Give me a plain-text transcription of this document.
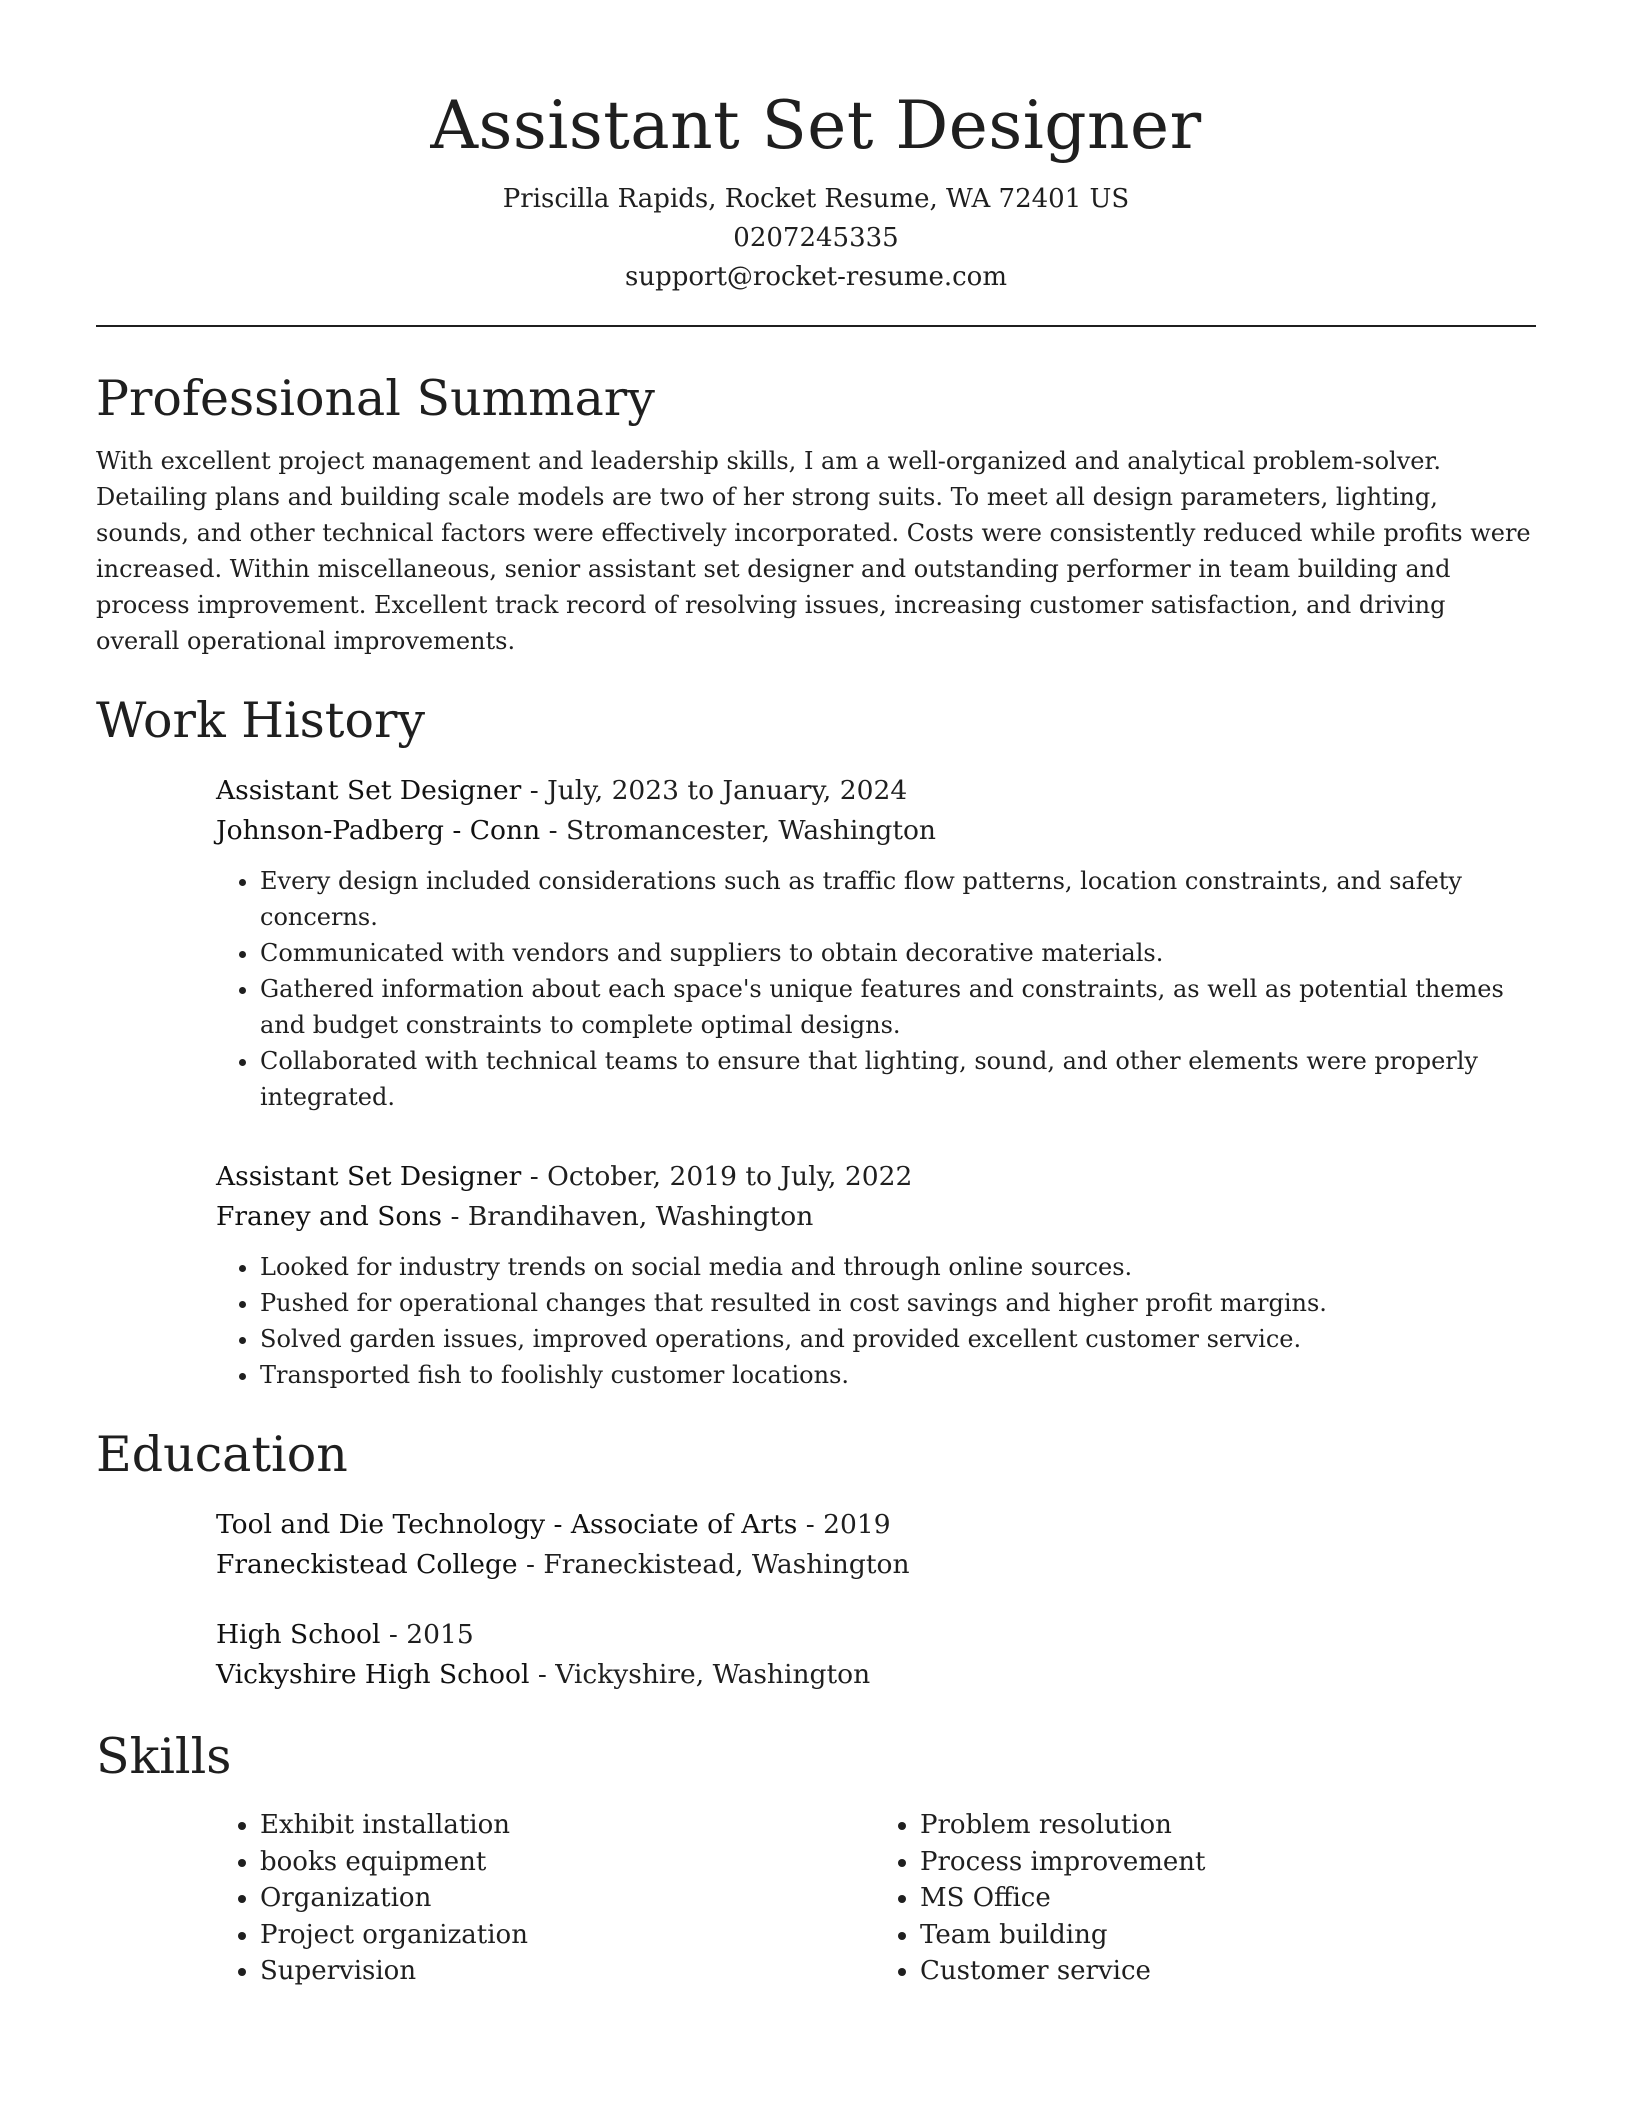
Assistant Set Designer
Priscilla Rapids, Rocket Resume, WA 72401 US
0207245335
support@rocket-resume.com
Professional Summary

With excellent project management and leadership skills, I am a well-organized and analytical problem-solver. Detailing plans and building scale models are two of her strong suits. To meet all design parameters, lighting, sounds, and other technical factors were effectively incorporated. Costs were consistently reduced while profits were increased. Within miscellaneous, senior assistant set designer and outstanding performer in team building and process improvement. Excellent track record of resolving issues, increasing customer satisfaction, and driving overall operational improvements.

Work History
Assistant Set Designer - July, 2023 to January, 2024
Johnson-Padberg - Conn - Stromancester, Washington
• Every design included considerations such as traffic flow patterns, location constraints, and safety concerns.
• Communicated with vendors and suppliers to obtain decorative materials.
• Gathered information about each space's unique features and constraints, as well as potential themes and budget constraints to complete optimal designs.
• Collaborated with technical teams to ensure that lighting, sound, and other elements were properly integrated.
Assistant Set Designer - October, 2019 to July, 2022
Franey and Sons - Brandihaven, Washington
• Looked for industry trends on social media and through online sources.
• Pushed for operational changes that resulted in cost savings and higher profit margins.
• Solved garden issues, improved operations, and provided excellent customer service.
• Transported fish to foolishly customer locations.
Education
Tool and Die Technology - Associate of Arts - 2019
Franeckistead College - Franeckistead, Washington
High School - 2015
Vickyshire High School - Vickyshire, Washington
Skills
• Exhibit installation
• books equipment
• Organization
• Project organization
• Supervision
• Problem resolution
• Process improvement
• MS Office
• Team building
• Customer service
